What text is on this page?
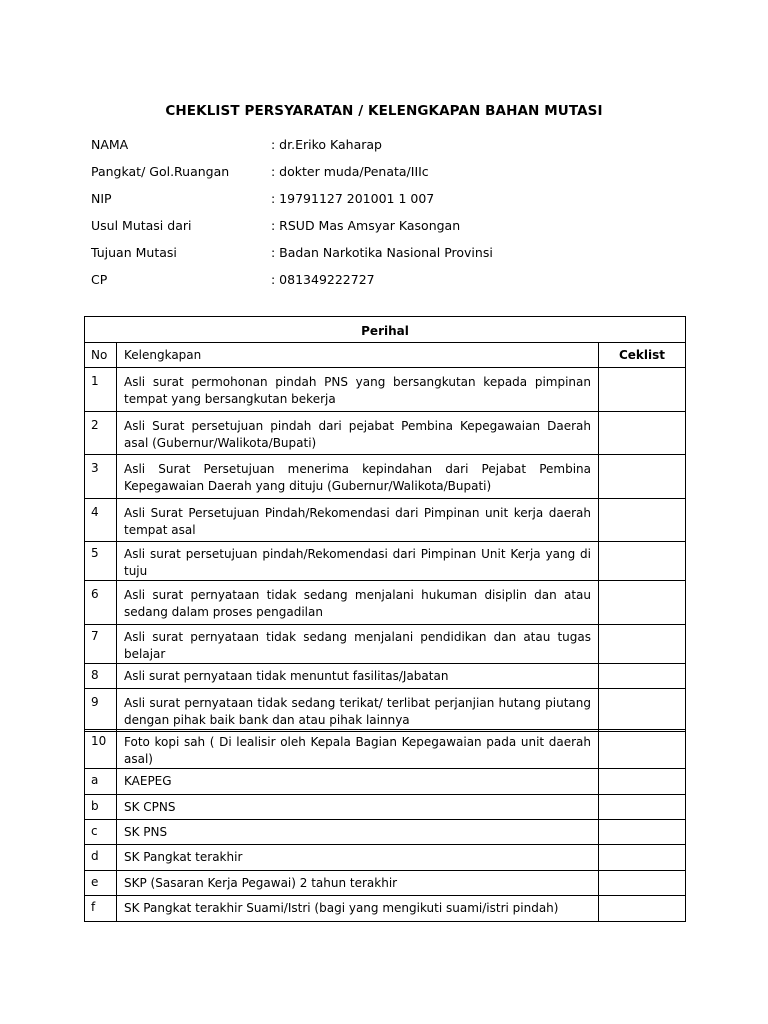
CHEKLIST PERSYARATAN / KELENGKAPAN BAHAN MUTASI
NAMA	: dr.Eriko Kaharap
Pangkat/ Gol.Ruangan	: dokter muda/Penata/IIIc
NIP	: 19791127 201001 1 007
Usul Mutasi dari	: RSUD Mas Amsyar Kasongan
Tujuan Mutasi	: Badan Narkotika Nasional Provinsi
CP	: 081349222727
Perihal		
No	Kelengkapan	Ceklist
1	Asli surat permohonan pindah PNS yang bersangkutan kepada pimpinan tempat yang bersangkutan bekerja	

2	Asli Surat persetujuan pindah dari pejabat Pembina Kepegawaian Daerah asal (Gubernur/Walikota/Bupati)	

3	Asli Surat Persetujuan menerima kepindahan dari Pejabat Pembina Kepegawaian Daerah yang dituju (Gubernur/Walikota/Bupati)	

4	Asli Surat Persetujuan Pindah/Rekomendasi dari Pimpinan unit kerja daerah tempat asal	

5	Asli surat persetujuan pindah/Rekomendasi dari Pimpinan Unit Kerja yang di tuju	

6	Asli surat pernyataan tidak sedang menjalani hukuman disiplin dan atau sedang dalam proses pengadilan	

7	Asli surat pernyataan tidak sedang menjalani pendidikan dan atau tugas belajar	

8	Asli surat pernyataan tidak menuntut fasilitas/Jabatan	

9	Asli surat pernyataan tidak sedang terikat/ terlibat perjanjian hutang piutang dengan pihak baik bank dan atau pihak lainnya	

10	Foto kopi sah ( Di lealisir oleh Kepala Bagian Kepegawaian pada unit daerah asal)	

a	KAEPEG	

b	SK CPNS	

c	SK PNS	

d	SK Pangkat terakhir	

e	SKP (Sasaran Kerja Pegawai) 2 tahun terakhir	

f	SK Pangkat terakhir Suami/Istri (bagi yang mengikuti suami/istri pindah)	
